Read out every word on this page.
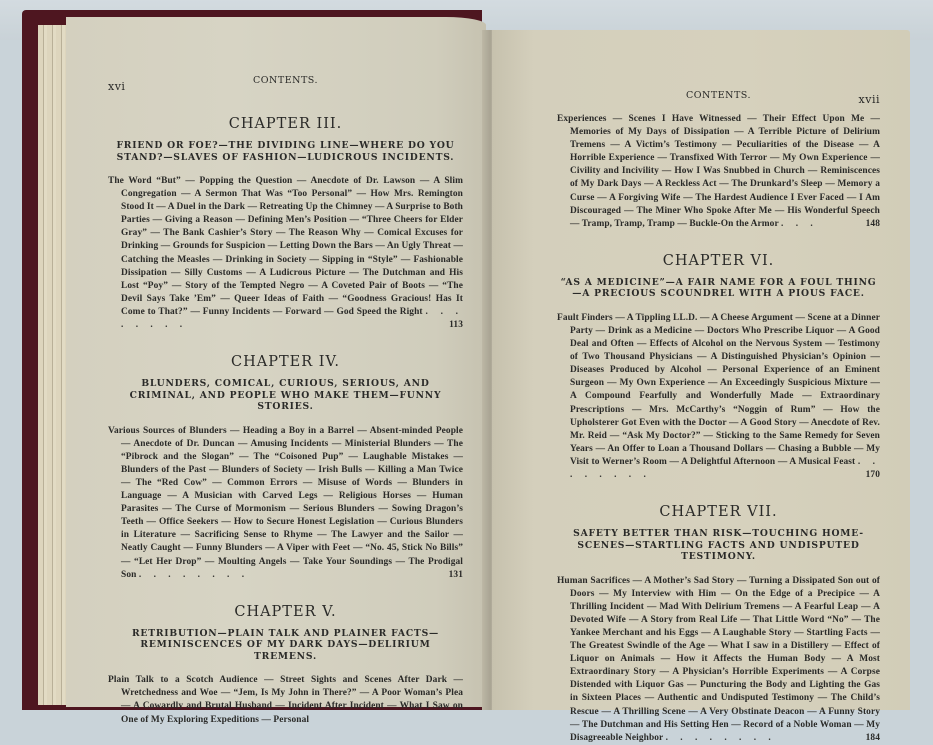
xvi	CONTENTS.
CHAPTER III.
FRIEND OR FOE?—THE DIVIDING LINE—WHERE DO YOU STAND?—SLAVES OF FASHION—LUDICROUS INCIDENTS.
The Word “But” — Popping the Question — Anecdote of Dr. Lawson — A Slim Congregation — A Sermon That Was “Too Personal” — How Mrs. Remington Stood It — A Duel in the Dark — Retreating Up the Chimney — A Surprise to Both Parties — Giving a Reason — Defining Men’s Position — “Three Cheers for Elder Gray” — The Bank Cashier’s Story — The Reason Why — Comical Excuses for Drinking — Grounds for Suspicion — Letting Down the Bars — An Ugly Threat — Catching the Measles — Drinking in Society — Sipping in “Style” — Fashionable Dissipation — Silly Customs — A Ludicrous Picture — The Dutchman and His Lost “Poy” — Story of the Tempted Negro — A Coveted Pair of Boots — “The Devil Says Take ’Em” — Queer Ideas of Faith — “Goodness Gracious! Has It Come to That?” — Funny Incidents — Forward — God Speed the Right . . . . . . . .	113
CHAPTER IV.
BLUNDERS, COMICAL, CURIOUS, SERIOUS, AND CRIMINAL, AND PEOPLE WHO MAKE THEM—FUNNY STORIES.
Various Sources of Blunders — Heading a Boy in a Barrel — Absent-minded People — Anecdote of Dr. Duncan — Amusing Incidents — Ministerial Blunders — The “Pibrock and the Slogan” — The “Coisoned Pup” — Laughable Mistakes — Blunders of the Past — Blunders of Society — Irish Bulls — Killing a Man Twice — The “Red Cow” — Common Errors — Misuse of Words — Blunders in Language — A Musician with Carved Legs — Religious Horses — Human Parasites — The Curse of Mormonism — Serious Blunders — Sowing Dragon’s Teeth — Office Seekers — How to Secure Honest Legislation — Curious Blunders in Literature — Sacrificing Sense to Rhyme — The Lawyer and the Sailor — Neatly Caught — Funny Blunders — A Viper with Feet — “No. 45, Stick No Bills” — “Let Her Drop” — Moulting Angels — Take Your Soundings — The Prodigal Son . . . . . . . .	131
CHAPTER V.
RETRIBUTION—PLAIN TALK AND PLAINER FACTS—REMINISCENCES OF MY DARK DAYS—DELIRIUM TREMENS.
Plain Talk to a Scotch Audience — Street Sights and Scenes After Dark — Wretchedness and Woe — “Jem, Is My John in There?” — A Poor Woman’s Plea — A Cowardly and Brutal Husband — Incident After Incident — What I Saw on One of My Exploring Expeditions — Personal
CONTENTS.	xvii
Experiences — Scenes I Have Witnessed — Their Effect Upon Me — Memories of My Days of Dissipation — A Terrible Picture of Delirium Tremens — A Victim’s Testimony — Peculiarities of the Disease — A Horrible Experience — Transfixed With Terror — My Own Experience — Civility and Incivility — How I Was Snubbed in Church — Reminiscences of My Dark Days — A Reckless Act — The Drunkard’s Sleep — Memory a Curse — A Forgiving Wife — The Hardest Audience I Ever Faced — I Am Discouraged — The Miner Who Spoke After Me — His Wonderful Speech — Tramp, Tramp, Tramp — Buckle-On the Armor . . .	148
CHAPTER VI.
“AS A MEDICINE”—A FAIR NAME FOR A FOUL THING—A PRECIOUS SCOUNDREL WITH A PIOUS FACE.
Fault Finders — A Tippling LL.D. — A Cheese Argument — Scene at a Dinner Party — Drink as a Medicine — Doctors Who Prescribe Liquor — A Good Deal and Often — Effects of Alcohol on the Nervous System — Testimony of Two Thousand Physicians — A Distinguished Physician’s Opinion — Diseases Produced by Alcohol — Personal Experience of an Eminent Surgeon — My Own Experience — An Exceedingly Suspicious Mixture — A Compound Fearfully and Wonderfully Made — Extraordinary Prescriptions — Mrs. McCarthy’s “Noggin of Rum” — How the Upholsterer Got Even with the Doctor — A Good Story — Anecdote of Rev. Mr. Reid — “Ask My Doctor?” — Sticking to the Same Remedy for Seven Years — An Offer to Loan a Thousand Dollars — Chasing a Bubble — My Visit to Werner’s Room — A Delightful Afternoon — A Musical Feast . . . . . . . .	170
CHAPTER VII.
SAFETY BETTER THAN RISK—TOUCHING HOME-SCENES—STARTLING FACTS AND UNDISPUTED TESTIMONY.
Human Sacrifices — A Mother’s Sad Story — Turning a Dissipated Son out of Doors — My Interview with Him — On the Edge of a Precipice — A Thrilling Incident — Mad With Delirium Tremens — A Fearful Leap — A Devoted Wife — A Story from Real Life — That Little Word “No” — The Yankee Merchant and his Eggs — A Laughable Story — Startling Facts — The Greatest Swindle of the Age — What I saw in a Distillery — Effect of Liquor on Animals — How it Affects the Human Body — A Most Extraordinary Story — A Physician’s Horrible Experiments — A Corpse Distended with Liquor Gas — Puncturing the Body and Lighting the Gas in Sixteen Places — Authentic and Undisputed Testimony — The Child’s Rescue — A Thrilling Scene — A Very Obstinate Deacon — A Funny Story — The Dutchman and His Setting Hen — Record of a Noble Woman — My Disagreeable Neighbor . . . . . . . .	184
